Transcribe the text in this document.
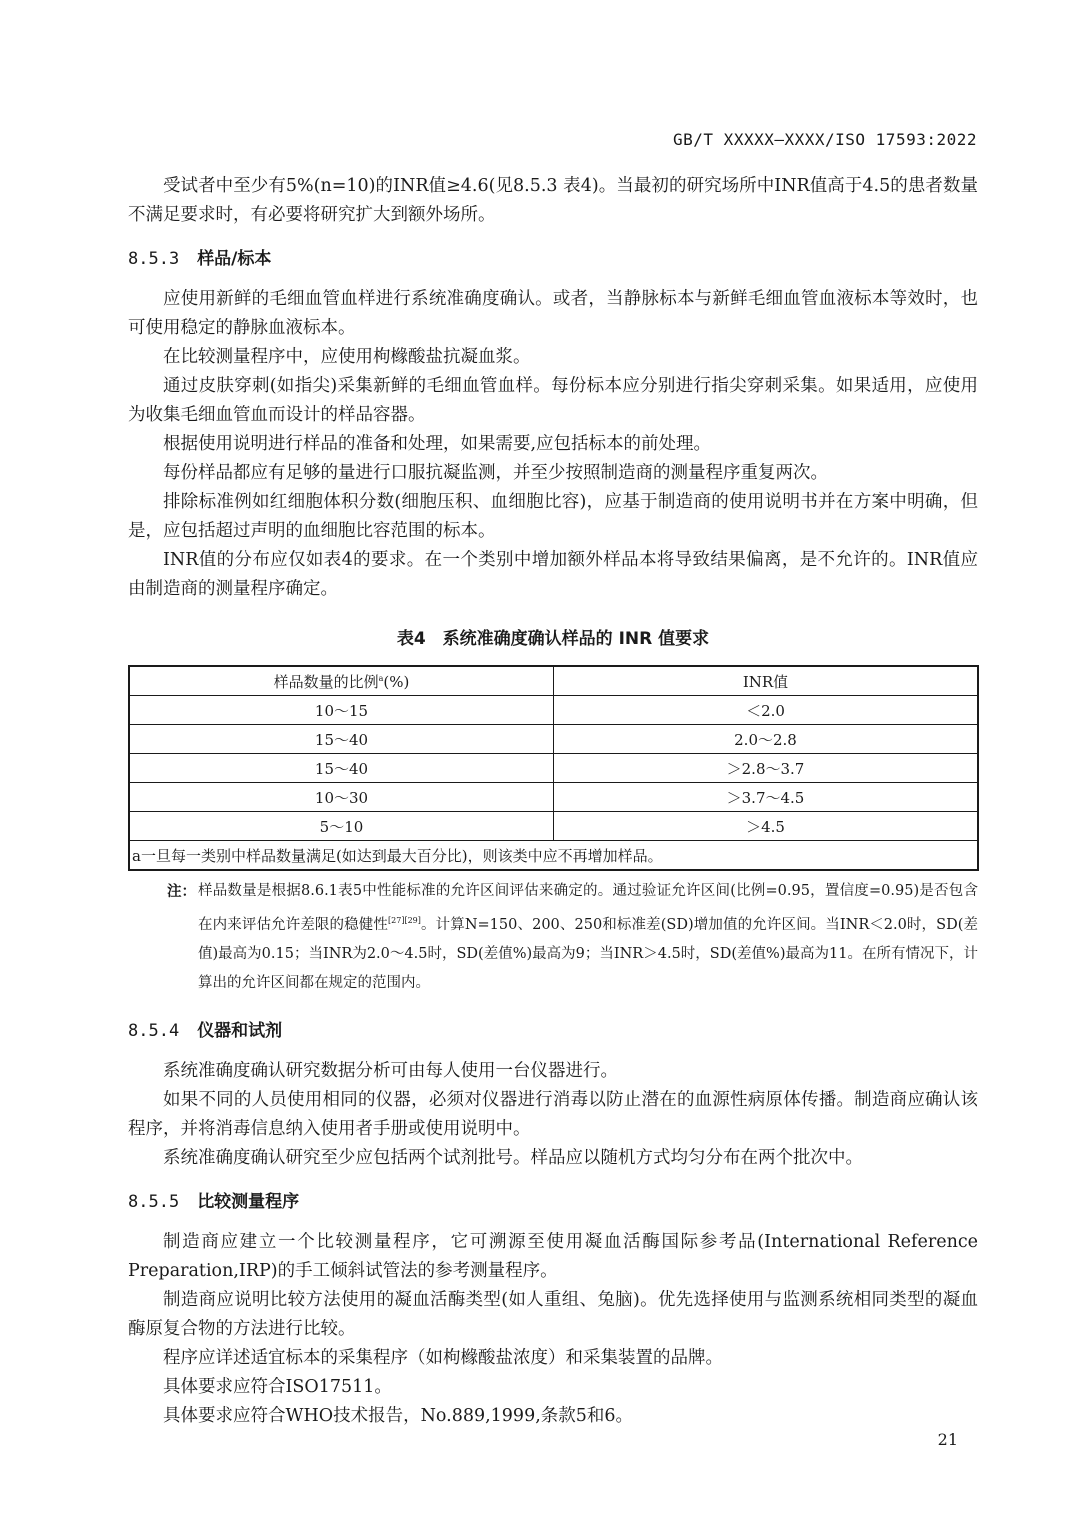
GB/T XXXXX—XXXX/ISO 17593:2022

受试者中至少有5%(n=10)的INR值≥4.6(见8.5.3 表4)。当最初的研究场所中INR值高于4.5的患者数量不满足要求时，有必要将研究扩大到额外场所。

8.5.3 样品/标本

应使用新鲜的毛细血管血样进行系统准确度确认。或者，当静脉标本与新鲜毛细血管血液标本等效时，也可使用稳定的静脉血液标本。

在比较测量程序中，应使用枸橼酸盐抗凝血浆。

通过皮肤穿刺(如指尖)采集新鲜的毛细血管血样。每份标本应分别进行指尖穿刺采集。如果适用，应使用为收集毛细血管血而设计的样品容器。

根据使用说明进行样品的准备和处理，如果需要,应包括标本的前处理。

每份样品都应有足够的量进行口服抗凝监测，并至少按照制造商的测量程序重复两次。

排除标准例如红细胞体积分数(细胞压积、血细胞比容)，应基于制造商的使用说明书并在方案中明确，但是，应包括超过声明的血细胞比容范围的标本。

INR值的分布应仅如表4的要求。在一个类别中增加额外样品本将导致结果偏离，是不允许的。INR值应由制造商的测量程序确定。

表4　系统准确度确认样品的 INR 值要求
样品数量的比例$^a$(%)	INR值
10～15	＜2.0
15～40	2.0～2.8
15～40	＞2.8～3.7
10～30	＞3.7～4.5
5～10	＞4.5
a一旦每一类别中样品数量满足(如达到最大百分比)，则该类中应不再增加样品。	
注： 样品数量是根据8.6.1表5中性能标准的允许区间评估来确定的。通过验证允许区间(比例=0.95，置信度=0.95)是否包含在内来评估允许差限的稳健性[27][29]。计算N=150、200、250和标准差(SD)增加值的允许区间。当INR＜2.0时，SD(差值)最高为0.15；当INR为2.0～4.5时，SD(差值%)最高为9；当INR＞4.5时，SD(差值%)最高为11。在所有情况下，计算出的允许区间都在规定的范围内。
8.5.4 仪器和试剂

系统准确度确认研究数据分析可由每人使用一台仪器进行。

如果不同的人员使用相同的仪器，必须对仪器进行消毒以防止潜在的血源性病原体传播。制造商应确认该程序，并将消毒信息纳入使用者手册或使用说明中。

系统准确度确认研究至少应包括两个试剂批号。样品应以随机方式均匀分布在两个批次中。

8.5.5 比较测量程序

制造商应建立一个比较测量程序，它可溯源至使用凝血活酶国际参考品(International Reference Preparation,IRP)的手工倾斜试管法的参考测量程序。

制造商应说明比较方法使用的凝血活酶类型(如人重组、兔脑)。优先选择使用与监测系统相同类型的凝血酶原复合物的方法进行比较。

程序应详述适宜标本的采集程序（如枸橼酸盐浓度）和采集装置的品牌。

具体要求应符合ISO17511。

具体要求应符合WHO技术报告，No.889,1999,条款5和6。

21
